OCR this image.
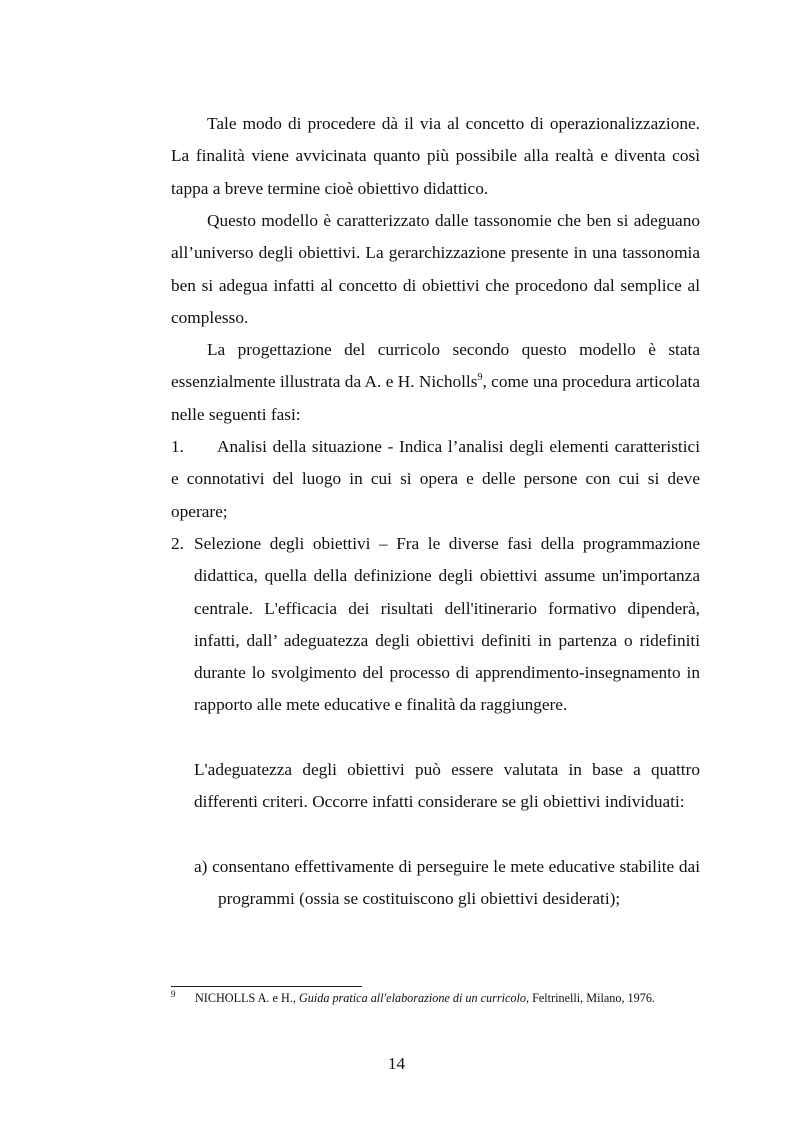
Tale modo di procedere dà il via al concetto di operazionalizzazione. La finalità viene avvicinata quanto più possibile alla realtà e diventa così tappa a breve termine cioè obiettivo didattico.

Questo modello è caratterizzato dalle tassonomie che ben si adeguano all’universo degli obiettivi. La gerarchizzazione presente in una tassonomia ben si adegua infatti al concetto di obiettivi che procedono dal semplice al complesso.

La progettazione del curricolo secondo questo modello è stata essenzialmente illustrata da A. e H. Nicholls$^9$, come una procedura articolata nelle seguenti fasi:

1. Analisi della situazione - Indica l’analisi degli elementi caratteristici e connotativi del luogo in cui si opera e delle persone con cui si deve operare;

2. Selezione degli obiettivi – Fra le diverse fasi della programmazione didattica, quella della definizione degli obiettivi assume un'importanza centrale. L'efficacia dei risultati dell'itinerario formativo dipenderà, infatti, dall’ adeguatezza degli obiettivi definiti in partenza o ridefiniti durante lo svolgimento del processo di apprendimento-insegnamento in rapporto alle mete educative e finalità da raggiungere.

L'adeguatezza degli obiettivi può essere valutata in base a quattro differenti criteri. Occorre infatti considerare se gli obiettivi individuati:

a) consentano effettivamente di perseguire le mete educative stabilite dai programmi (ossia se costituiscono gli obiettivi desiderati);

9 NICHOLLS A. e H., Guida pratica all'elaborazione di un curricolo, Feltrinelli, Milano, 1976.
14
